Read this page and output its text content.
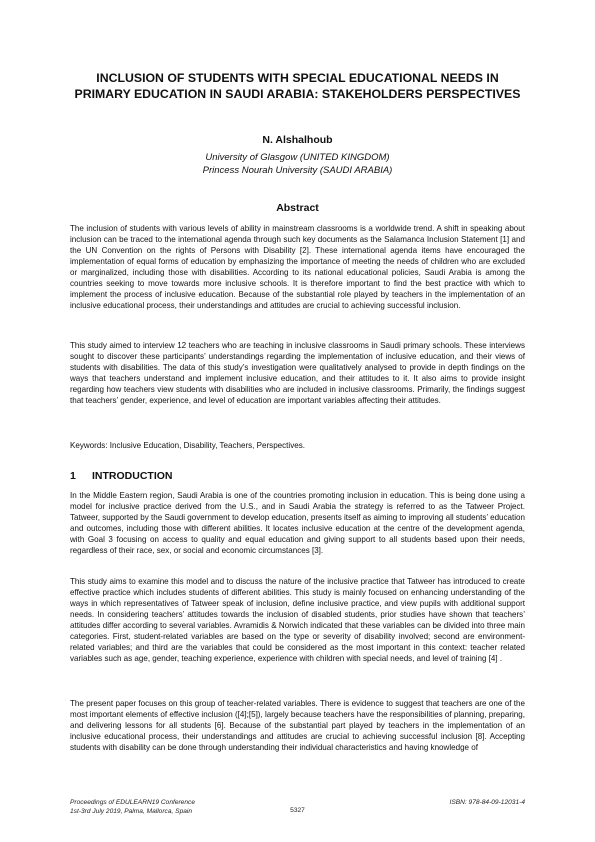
INCLUSION OF STUDENTS WITH SPECIAL EDUCATIONAL NEEDS IN PRIMARY EDUCATION IN SAUDI ARABIA: STAKEHOLDERS PERSPECTIVES
N. Alshalhoub
University of Glasgow (UNITED KINGDOM)
Princess Nourah University (SAUDI ARABIA)
Abstract

The inclusion of students with various levels of ability in mainstream classrooms is a worldwide trend. A shift in speaking about inclusion can be traced to the international agenda through such key documents as the Salamanca Inclusion Statement [1] and the UN Convention on the rights of Persons with Disability [2]. These international agenda items have encouraged the implementation of equal forms of education by emphasizing the importance of meeting the needs of children who are excluded or marginalized, including those with disabilities. According to its national educational policies, Saudi Arabia is among the countries seeking to move towards more inclusive schools. It is therefore important to find the best practice with which to implement the process of inclusive education. Because of the substantial role played by teachers in the implementation of an inclusive educational process, their understandings and attitudes are crucial to achieving successful inclusion.

This study aimed to interview 12 teachers who are teaching in inclusive classrooms in Saudi primary schools. These interviews sought to discover these participants’ understandings regarding the implementation of inclusive education, and their views of students with disabilities. The data of this study’s investigation were qualitatively analysed to provide in depth findings on the ways that teachers understand and implement inclusive education, and their attitudes to it. It also aims to provide insight regarding how teachers view students with disabilities who are included in inclusive classrooms. Primarily, the findings suggest that teachers’ gender, experience, and level of education are important variables affecting their attitudes.

Keywords: Inclusive Education, Disability, Teachers, Perspectives.

1 INTRODUCTION

In the Middle Eastern region, Saudi Arabia is one of the countries promoting inclusion in education. This is being done using a model for inclusive practice derived from the U.S., and in Saudi Arabia the strategy is referred to as the Tatweer Project. Tatweer, supported by the Saudi government to develop education, presents itself as aiming to improving all students’ education and outcomes, including those with different abilities. It locates inclusive education at the centre of the development agenda, with Goal 3 focusing on access to quality and equal education and giving support to all students based upon their needs, regardless of their race, sex, or social and economic circumstances [3].

This study aims to examine this model and to discuss the nature of the inclusive practice that Tatweer has introduced to create effective practice which includes students of different abilities. This study is mainly focused on enhancing understanding of the ways in which representatives of Tatweer speak of inclusion, define inclusive practice, and view pupils with additional support needs. In considering teachers’ attitudes towards the inclusion of disabled students, prior studies have shown that teachers’ attitudes differ according to several variables. Avramidis & Norwich indicated that these variables can be divided into three main categories. First, student-related variables are based on the type or severity of disability involved; second are environment-related variables; and third are the variables that could be considered as the most important in this context: teacher related variables such as age, gender, teaching experience, experience with children with special needs, and level of training [4] .

The present paper focuses on this group of teacher-related variables. There is evidence to suggest that teachers are one of the most important elements of effective inclusion ([4];[5]), largely because teachers have the responsibilities of planning, preparing, and delivering lessons for all students [6]. Because of the substantial part played by teachers in the implementation of an inclusive educational process, their understandings and attitudes are crucial to achieving successful inclusion [8]. Accepting students with disability can be done through understanding their individual characteristics and having knowledge of

Proceedings of EDULEARN19 Conference
1st-3rd July 2019, Palma, Mallorca, Spain	5327
ISBN: 978-84-09-12031-4
